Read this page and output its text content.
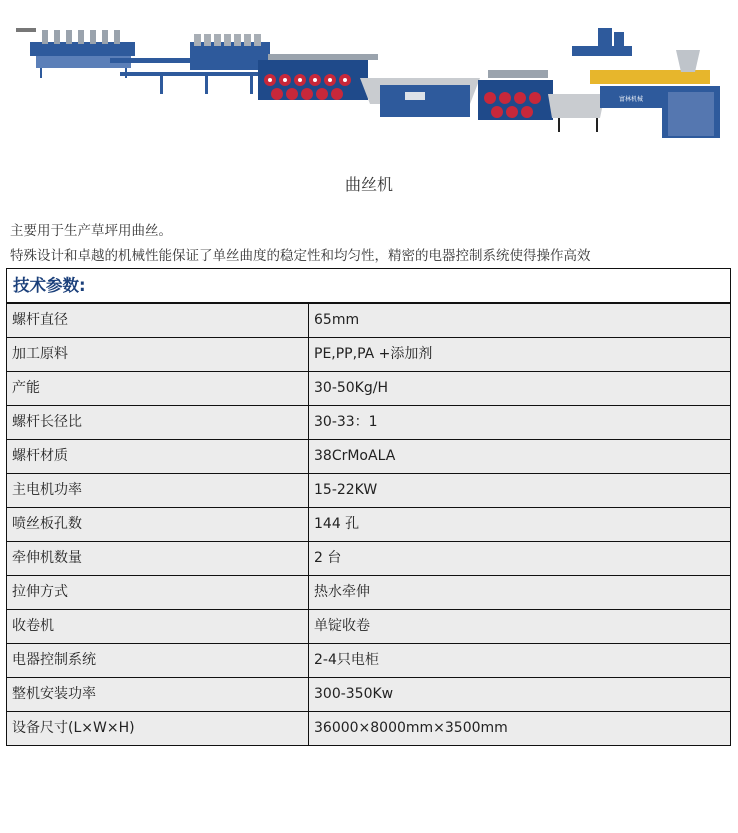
富林机械
曲丝机
主要用于生产草坪用曲丝。
特殊设计和卓越的机械性能保证了单丝曲度的稳定性和均匀性，精密的电器控制系统使得操作高效
技术参数:
螺杆直径	65mm
加工原料	PE,PP,PA +添加剂
产能	30-50Kg/H
螺杆长径比	30-33：1
螺杆材质	38CrMoALA
主电机功率	15-22KW
喷丝板孔数	144 孔
牵伸机数量	2 台
拉伸方式	热水牵伸
收卷机	单锭收卷
电器控制系统	2-4只电柜
整机安装功率	300-350Kw
设备尺寸(L×W×H)	36000×8000mm×3500mm
